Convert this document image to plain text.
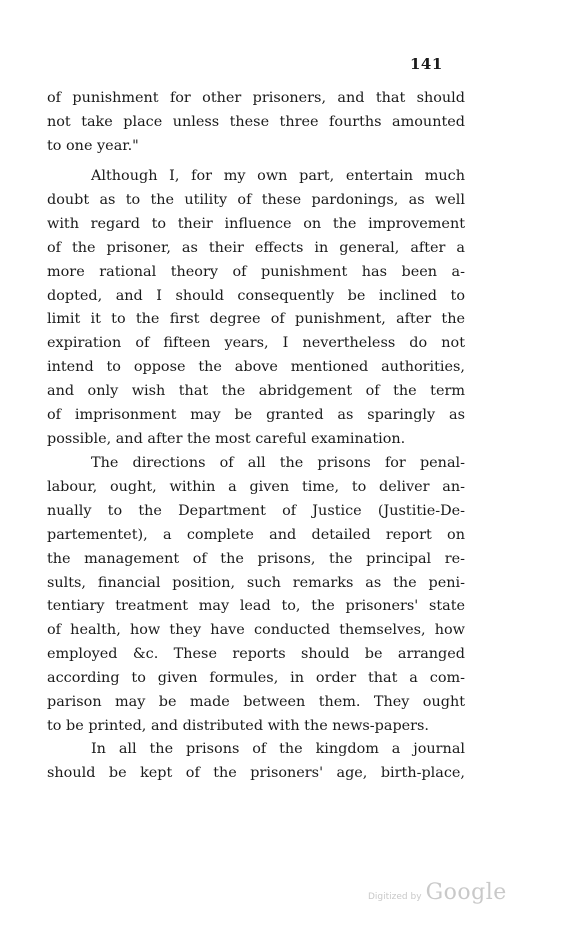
141
of punishment for other prisoners, and that should
not take place unless these three fourths amounted
to one year."
Although I, for my own part, entertain much
doubt as to the utility of these pardonings, as well
with regard to their influence on the improvement
of the prisoner, as their effects in general, after a
more rational theory of punishment has been a-
dopted, and I should consequently be inclined to
limit it to the first degree of punishment, after the
expiration of fifteen years, I nevertheless do not
intend to oppose the above mentioned authorities,
and only wish that the abridgement of the term
of imprisonment may be granted as sparingly as
possible, and after the most careful examination.
The directions of all the prisons for penal-
labour, ought, within a given time, to deliver an-
nually to the Department of Justice (Justitie-De-
partementet), a complete and detailed report on
the management of the prisons, the principal re-
sults, financial position, such remarks as the peni-
tentiary treatment may lead to, the prisoners' state
of health, how they have conducted themselves, how
employed &c. These reports should be arranged
according to given formules, in order that a com-
parison may be made between them. They ought
to be printed, and distributed with the news-papers.
In all the prisons of the kingdom a journal
should be kept of the prisoners' age, birth-place,
Digitized by Google
